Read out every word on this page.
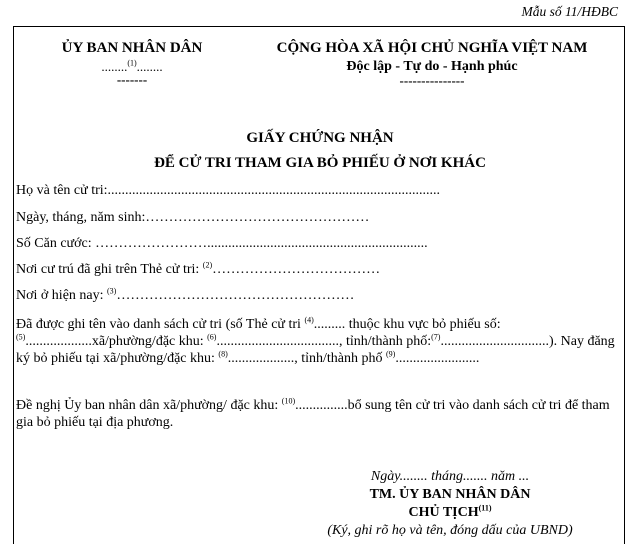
Mẫu số 11/HĐBC
ỦY BAN NHÂN DÂN
........$^{(1)}$........
-------
CỘNG HÒA XÃ HỘI CHỦ NGHĨA VIỆT NAM
Độc lập - Tự do - Hạnh phúc
---------------
GIẤY CHỨNG NHẬN
ĐỂ CỬ TRI THAM GIA BỎ PHIẾU Ở NƠI KHÁC
Họ và tên cử tri:...............................................................................................
Ngày, tháng, năm sinh:…………………………………………
Số Căn cước: ……………………...............................................................
Nơi cư trú đã ghi trên Thẻ cử tri: $^{(2)}$………………………………
Nơi ở hiện nay: $^{(3)}$……………………………………………
Đã được ghi tên vào danh sách cử tri (số Thẻ cử tri $^{(4)}$......... thuộc khu vực bỏ phiếu số:$^{(5)}$...................xã/phường/đặc khu: $^{(6)}$..................................., tỉnh/thành phố:$^{(7)}$...............................). Nay đăng ký bỏ phiếu tại xã/phường/đặc khu: $^{(8)}$..................., tỉnh/thành phố $^{(9)}$........................
Đề nghị Ủy ban nhân dân xã/phường/ đặc khu: $^{(10)}$...............bổ sung tên cử tri vào danh sách cử tri để tham gia bỏ phiếu tại địa phương.
Ngày........ tháng....... năm ...
TM. ỦY BAN NHÂN DÂN
CHỦ TỊCH$^{(11)}$
(Ký, ghi rõ họ và tên, đóng dấu của UBND)
